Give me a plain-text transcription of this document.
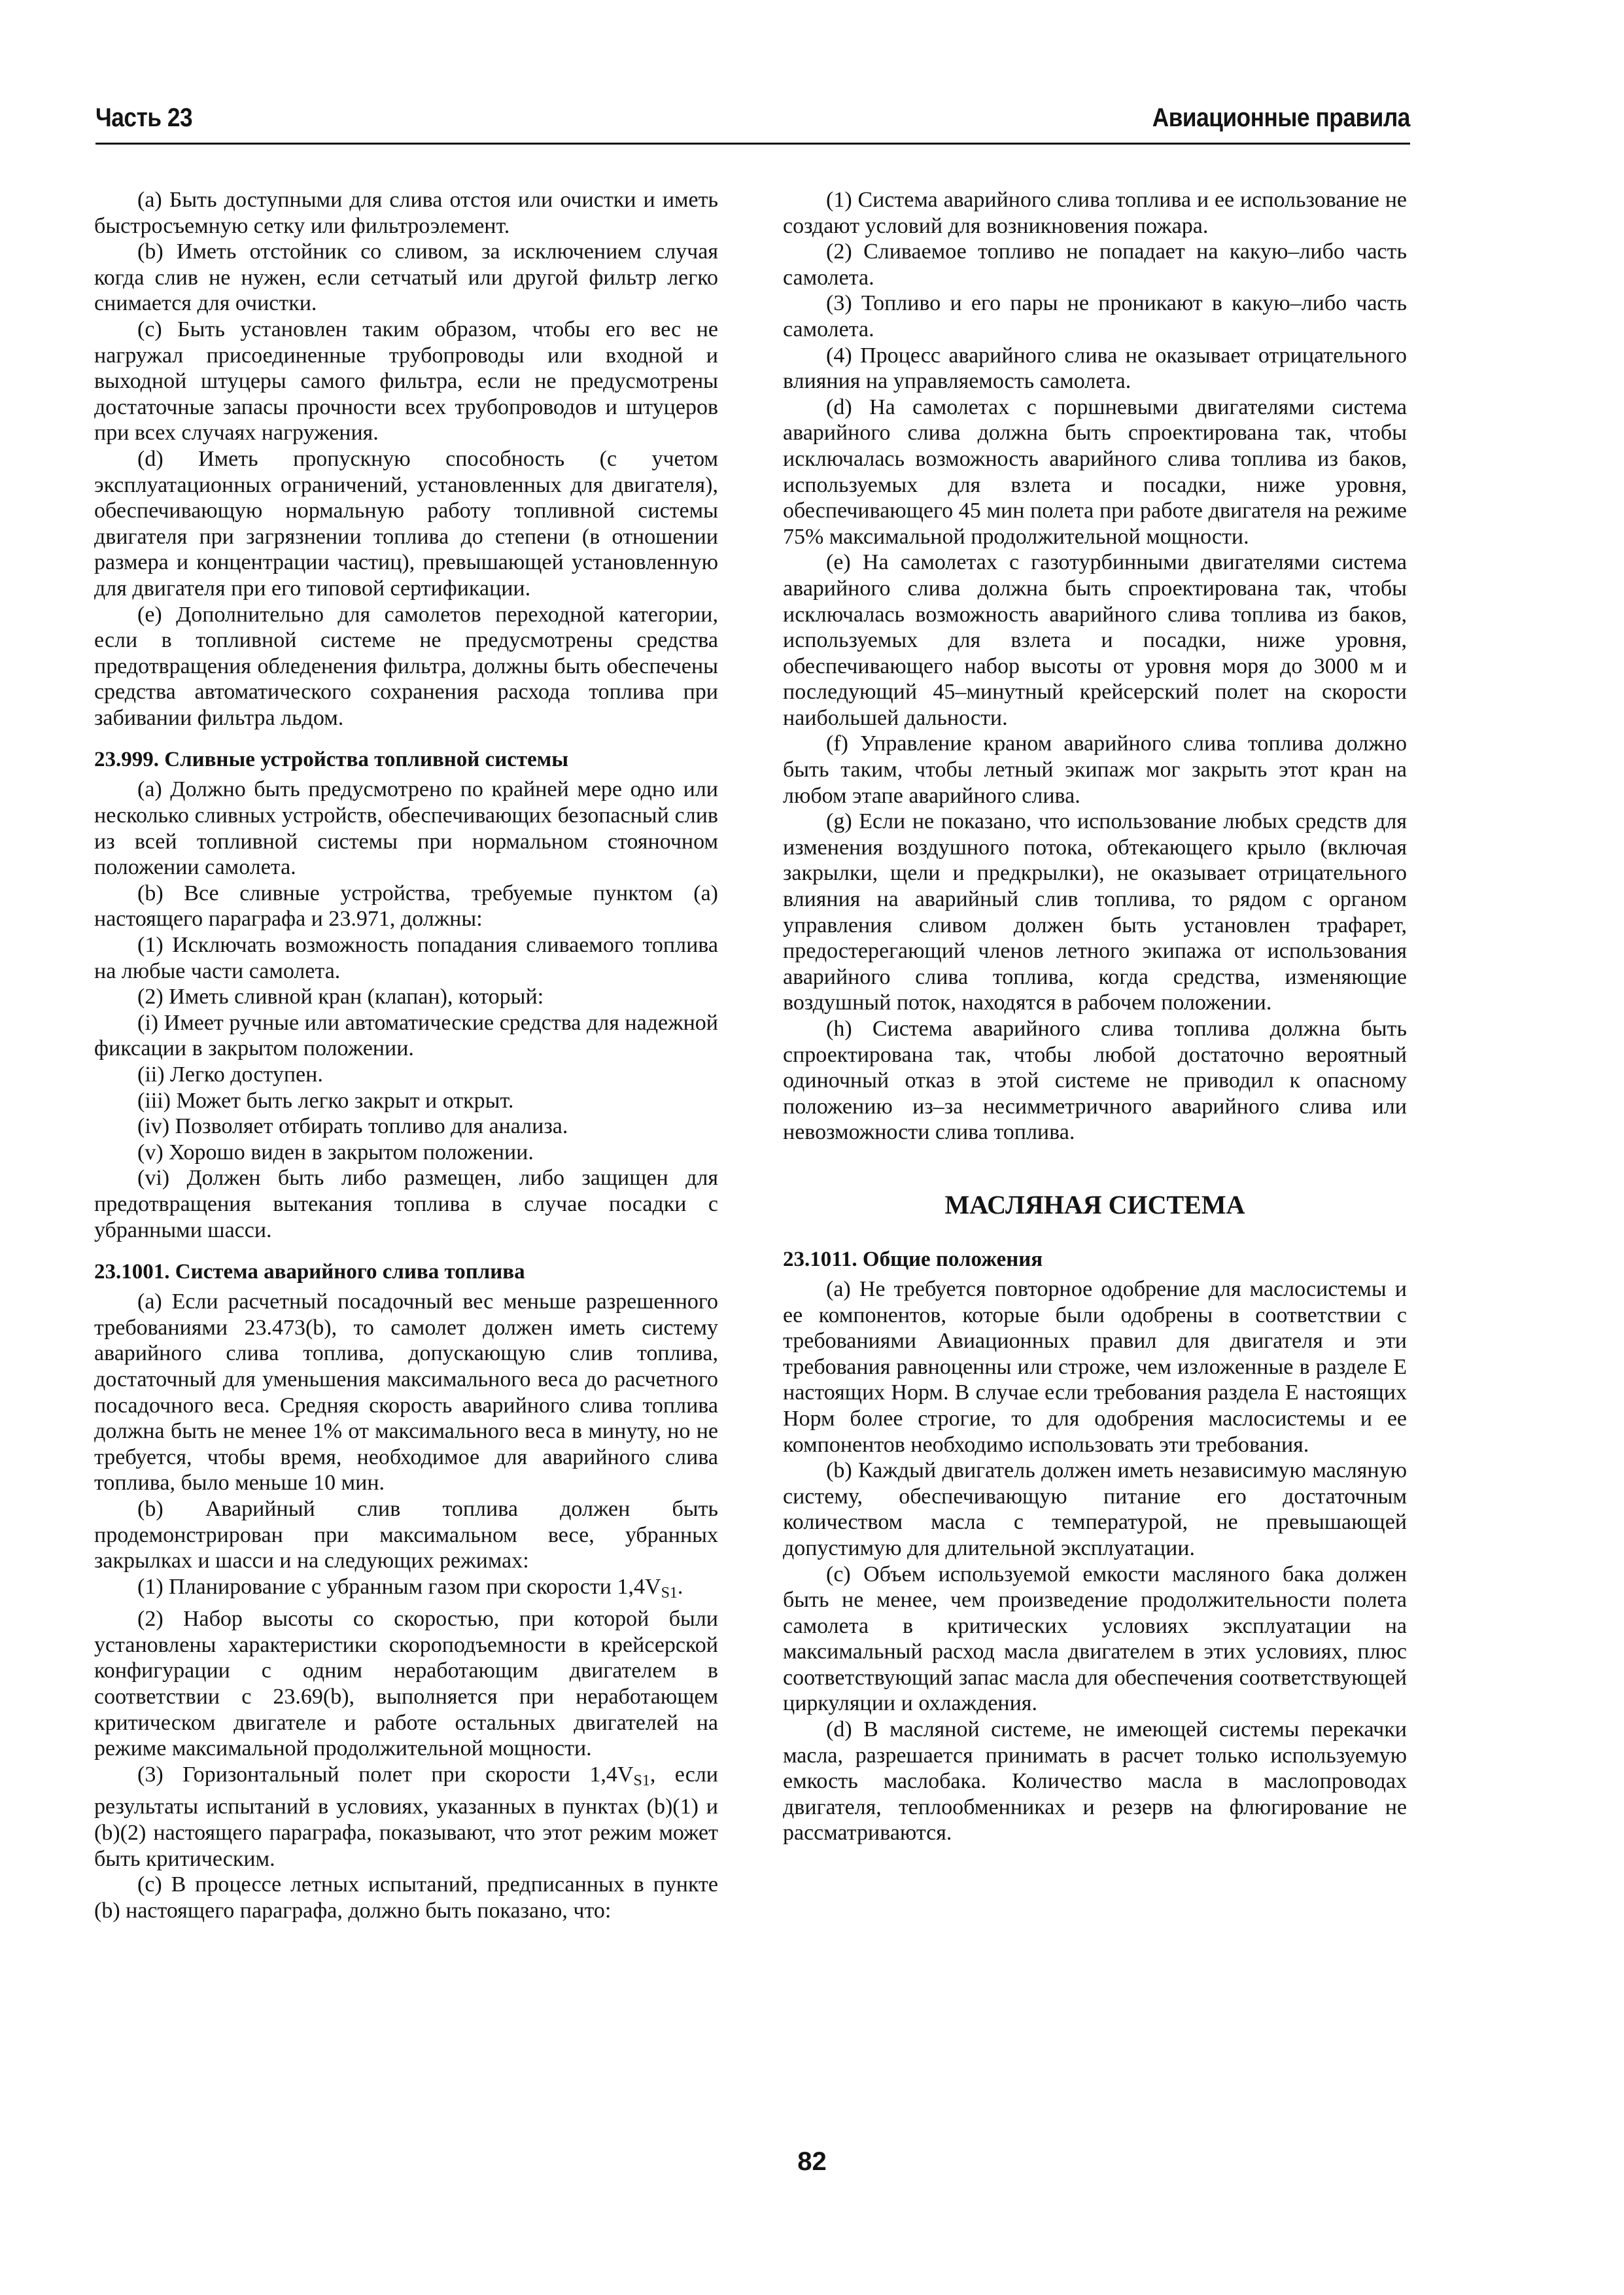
Часть 23	Авиационные правила

(а) Быть доступными для слива отстоя или очистки и иметь быстросъемную сетку или фильтроэлемент.

(b) Иметь отстойник со сливом, за исключением случая когда слив не нужен, если сетчатый или другой фильтр легко снимается для очистки.

(с) Быть установлен таким образом, чтобы его вес не нагружал присоединенные трубопроводы или входной и выходной штуцеры самого фильтра, если не предусмотрены достаточные запасы прочности всех трубопроводов и штуцеров при всех случаях нагружения.

(d) Иметь пропускную способность (с учетом эксплуатационных ограничений, установленных для двигателя), обеспечивающую нормальную работу топливной системы двигателя при загрязнении топлива до степени (в отношении размера и концентрации частиц), превышающей установленную для двигателя при его типовой сертификации.

(е) Дополнительно для самолетов переходной категории, если в топливной системе не предусмотрены средства предотвращения обледенения фильтра, должны быть обеспечены средства автоматического сохранения расхода топлива при забивании фильтра льдом.

23.999. Сливные устройства топливной системы

(а) Должно быть предусмотрено по крайней мере одно или несколько сливных устройств, обеспечивающих безопасный слив из всей топливной системы при нормальном стояночном положении самолета.

(b) Все сливные устройства, требуемые пунктом (а) настоящего параграфа и 23.971, должны:

(1) Исключать возможность попадания сливаемого топлива на любые части самолета.

(2) Иметь сливной кран (клапан), который:

(i) Имеет ручные или автоматические средства для надежной фиксации в закрытом положении.

(ii) Легко доступен.

(iii) Может быть легко закрыт и открыт.

(iv) Позволяет отбирать топливо для анализа.

(v) Хорошо виден в закрытом положении.

(vi) Должен быть либо размещен, либо защищен для предотвращения вытекания топлива в случае посадки с убранными шасси.

23.1001. Система аварийного слива топлива

(а) Если расчетный посадочный вес меньше разрешенного требованиями 23.473(b), то самолет должен иметь систему аварийного слива топлива, допускающую слив топлива, достаточный для уменьшения максимального веса до расчетного посадочного веса. Средняя скорость аварийного слива топлива должна быть не менее 1% от максимального веса в минуту, но не требуется, чтобы время, необходимое для аварийного слива топлива, было меньше 10 мин.

(b) Аварийный слив топлива должен быть продемонстрирован при максимальном весе, убранных закрылках и шасси и на следующих режимах:

(1) Планирование с убранным газом при скорости $1,4V_{S1}$.

(2) Набор высоты со скоростью, при которой были установлены характеристики скороподъемности в крейсерской конфигурации с одним неработающим двигателем в соответствии с 23.69(b), выполняется при неработающем критическом двигателе и работе остальных двигателей на режиме максимальной продолжительной мощности.

(3) Горизонтальный полет при скорости $1,4V_{S1}$, если результаты испытаний в условиях, указанных в пунктах (b)(1) и (b)(2) настоящего параграфа, показывают, что этот режим может быть критическим.

(с) В процессе летных испытаний, предписанных в пункте (b) настоящего параграфа, должно быть показано, что:

(1) Система аварийного слива топлива и ее использование не создают условий для возникновения пожара.

(2) Сливаемое топливо не попадает на какую–либо часть самолета.

(3) Топливо и его пары не проникают в какую–либо часть самолета.

(4) Процесс аварийного слива не оказывает отрицательного влияния на управляемость самолета.

(d) На самолетах с поршневыми двигателями система аварийного слива должна быть спроектирована так, чтобы исключалась возможность аварийного слива топлива из баков, используемых для взлета и посадки, ниже уровня, обеспечивающего 45 мин полета при работе двигателя на режиме 75% максимальной продолжительной мощности.

(е) На самолетах с газотурбинными двигателями система аварийного слива должна быть спроектирована так, чтобы исключалась возможность аварийного слива топлива из баков, используемых для взлета и посадки, ниже уровня, обеспечивающего набор высоты от уровня моря до 3000 м и последующий 45–минутный крейсерский полет на скорости наибольшей дальности.

(f) Управление краном аварийного слива топлива должно быть таким, чтобы летный экипаж мог закрыть этот кран на любом этапе аварийного слива.

(g) Если не показано, что использование любых средств для изменения воздушного потока, обтекающего крыло (включая закрылки, щели и предкрылки), не оказывает отрицательного влияния на аварийный слив топлива, то рядом с органом управления сливом должен быть установлен трафарет, предостерегающий членов летного экипажа от использования аварийного слива топлива, когда средства, изменяющие воздушный поток, находятся в рабочем положении.

(h) Система аварийного слива топлива должна быть спроектирована так, чтобы любой достаточно вероятный одиночный отказ в этой системе не приводил к опасному положению из–за несимметричного аварийного слива или невозможности слива топлива.

МАСЛЯНАЯ СИСТЕМА
23.1011. Общие положения

(а) Не требуется повторное одобрение для маслосистемы и ее компонентов, которые были одобрены в соответствии с требованиями Авиационных правил для двигателя и эти требования равноценны или строже, чем изложенные в разделе Е настоящих Норм. В случае если требования раздела Е настоящих Норм более строгие, то для одобрения маслосистемы и ее компонентов необходимо использовать эти требования.

(b) Каждый двигатель должен иметь независимую масляную систему, обеспечивающую питание его достаточным количеством масла с температурой, не превышающей допустимую для длительной эксплуатации.

(с) Объем используемой емкости масляного бака должен быть не менее, чем произведение продолжительности полета самолета в критических условиях эксплуатации на максимальный расход масла двигателем в этих условиях, плюс соответствующий запас масла для обеспечения соответствующей циркуляции и охлаждения.

(d) В масляной системе, не имеющей системы перекачки масла, разрешается принимать в расчет только используемую емкость маслобака. Количество масла в маслопроводах двигателя, теплообменниках и резерв на флюгирование не рассматриваются.

82
